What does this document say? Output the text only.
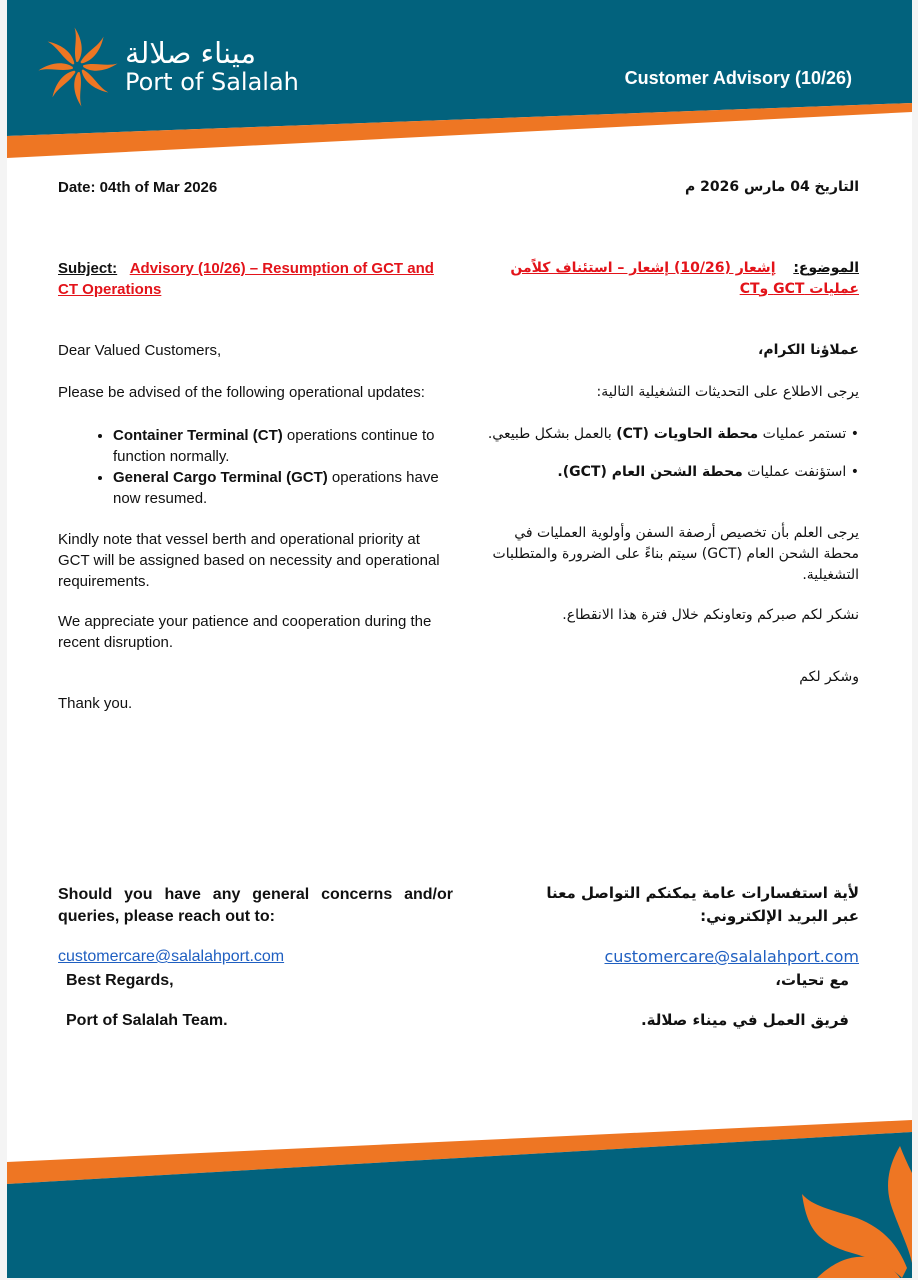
ميناء صلالة
Port of Salalah	Customer Advisory (10/26)
Date: 04th of Mar 2026	التاريخ 04 مارس 2026 م
Subject: Advisory (10/26) – Resumption of GCT and CT Operations
الموضوع:    إشعار (10/26) إشعار – استئناف كلاًمن عمليات GCT وCT
Dear Valued Customers,
Please be advised of the following operational updates:
• Container Terminal (CT) operations continue to function normally.
• General Cargo Terminal (GCT) operations have now resumed.
Kindly note that vessel berth and operational priority at GCT will be assigned based on necessity and operational requirements.
We appreciate your patience and cooperation during the recent disruption.
Thank you.
عملاؤنا الكرام،
يرجى الاطلاع على التحديثات التشغيلية التالية:
• تستمر عمليات محطة الحاويات (CT) بالعمل بشكل طبيعي.
• استؤنفت عمليات محطة الشحن العام (GCT).
يرجى العلم بأن تخصيص أرصفة السفن وأولوية العمليات في محطة الشحن العام (GCT) سيتم بناءً على الضرورة والمتطلبات التشغيلية.
نشكر لكم صبركم وتعاونكم خلال فترة هذا الانقطاع.
وشكر لكم
Should you have any general concerns and/or queries, please reach out to:
لأية استفسارات عامة يمكنكم التواصل معنا عبر البريد الإلكتروني:
customercare@salalahport.com	customercare@salalahport.com
Best Regards,
Port of Salalah Team.
مع تحيات،
فريق العمل في ميناء صلالة.
